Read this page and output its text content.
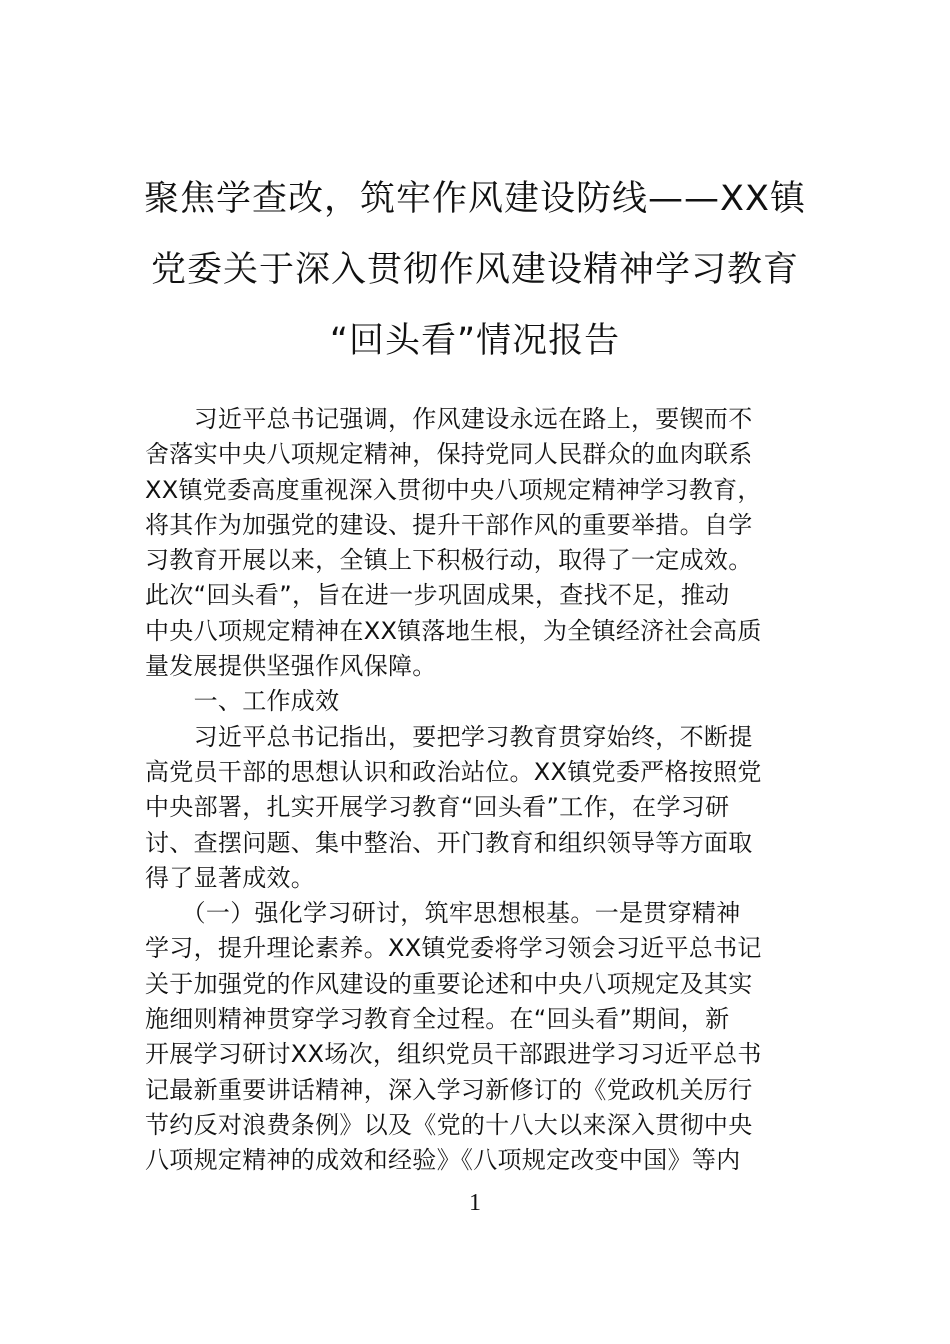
聚焦学查改，筑牢作风建设防线——XX镇
党委关于深入贯彻作风建设精神学习教育
“回头看”情况报告
　　习近平总书记强调，作风建设永远在路上，要锲而不
舍落实中央八项规定精神，保持党同人民群众的血肉联系
XX镇党委高度重视深入贯彻中央八项规定精神学习教育，
将其作为加强党的建设、提升干部作风的重要举措。自学
习教育开展以来，全镇上下积极行动，取得了一定成效。
此次“回头看”，旨在进一步巩固成果，查找不足，推动
中央八项规定精神在XX镇落地生根，为全镇经济社会高质
量发展提供坚强作风保障。
　　一、工作成效
　　习近平总书记指出，要把学习教育贯穿始终，不断提
高党员干部的思想认识和政治站位。XX镇党委严格按照党
中央部署，扎实开展学习教育“回头看”工作，在学习研
讨、查摆问题、集中整治、开门教育和组织领导等方面取
得了显著成效。
　　（一）强化学习研讨，筑牢思想根基。一是贯穿精神
学习，提升理论素养。XX镇党委将学习领会习近平总书记
关于加强党的作风建设的重要论述和中央八项规定及其实
施细则精神贯穿学习教育全过程。在“回头看”期间，新
开展学习研讨XX场次，组织党员干部跟进学习习近平总书
记最新重要讲话精神，深入学习新修订的《党政机关厉行
节约反对浪费条例》以及《党的十八大以来深入贯彻中央
八项规定精神的成效和经验》《八项规定改变中国》等内
1
